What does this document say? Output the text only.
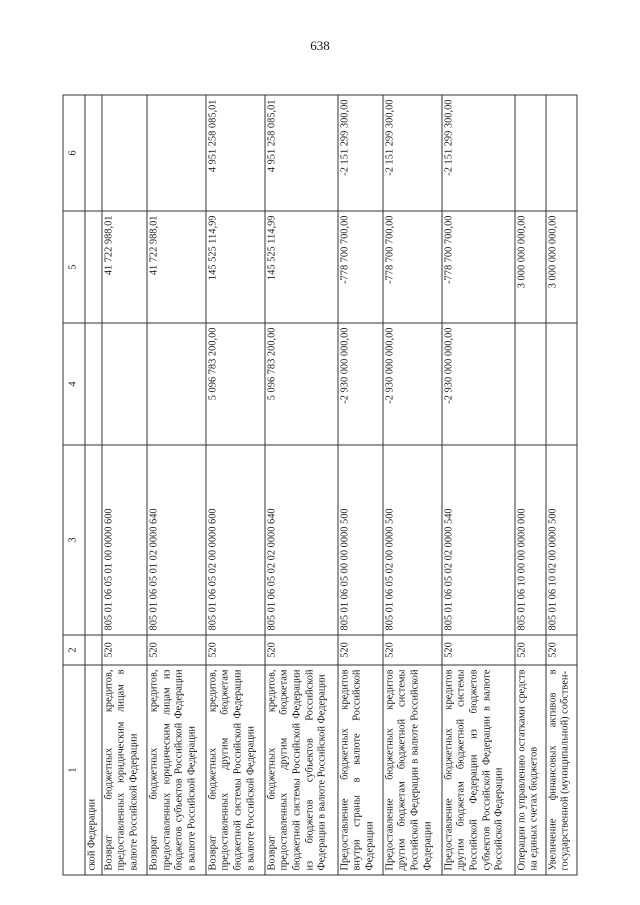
638
1	2	3	4	5	6
ской Федерации					
Возврат бюджетных кредитов, предоставленных юридическим лицам в валюте Российской Федерации	520	805 01 06 05 01 00 0000 600		41 722 988,01	
Возврат бюджетных кредитов, предоставленных юридическим лицам из бюджетов субъектов Российской Федерации в валюте Российской Федерации	520	805 01 06 05 01 02 0000 640		41 722 988,01	
Возврат бюджетных кредитов, предоставленных другим бюджетам бюджетной системы Российской Федерации в валюте Российской Федерации	520	805 01 06 05 02 00 0000 600	5 096 783 200,00	145 525 114,99	4 951 258 085,01
Возврат бюджетных кредитов, предоставленных другим бюджетам бюджетной системы Российской Федерации из бюджетов субъектов Российской Федерации в валюте Российской Федерации	520	805 01 06 05 02 02 0000 640	5 096 783 200,00	145 525 114,99	4 951 258 085,01
Предоставление бюджетных кредитов внутри страны в валюте Российской Федерации	520	805 01 06 05 00 00 0000 500	-2 930 000 000,00	-778 700 700,00	-2 151 299 300,00
Предоставление бюджетных кредитов другим бюджетам бюджетной системы Российской Федерации в валюте Российской Федерации	520	805 01 06 05 02 00 0000 500	-2 930 000 000,00	-778 700 700,00	-2 151 299 300,00
Предоставление бюджетных кредитов другим бюджетам бюджетной системы Российской Федерации из бюджетов субъектов Российской Федерации в валюте Российской Федерации	520	805 01 06 05 02 02 0000 540	-2 930 000 000,00	-778 700 700,00	-2 151 299 300,00
Операции по управлению остатками средств на единых счетах бюджетов	520	805 01 06 10 00 00 0000 000		3 000 000 000,00	
Увеличение финансовых активов в государственной (муниципальной) собствен-	520	805 01 06 10 02 00 0000 500		3 000 000 000,00	
